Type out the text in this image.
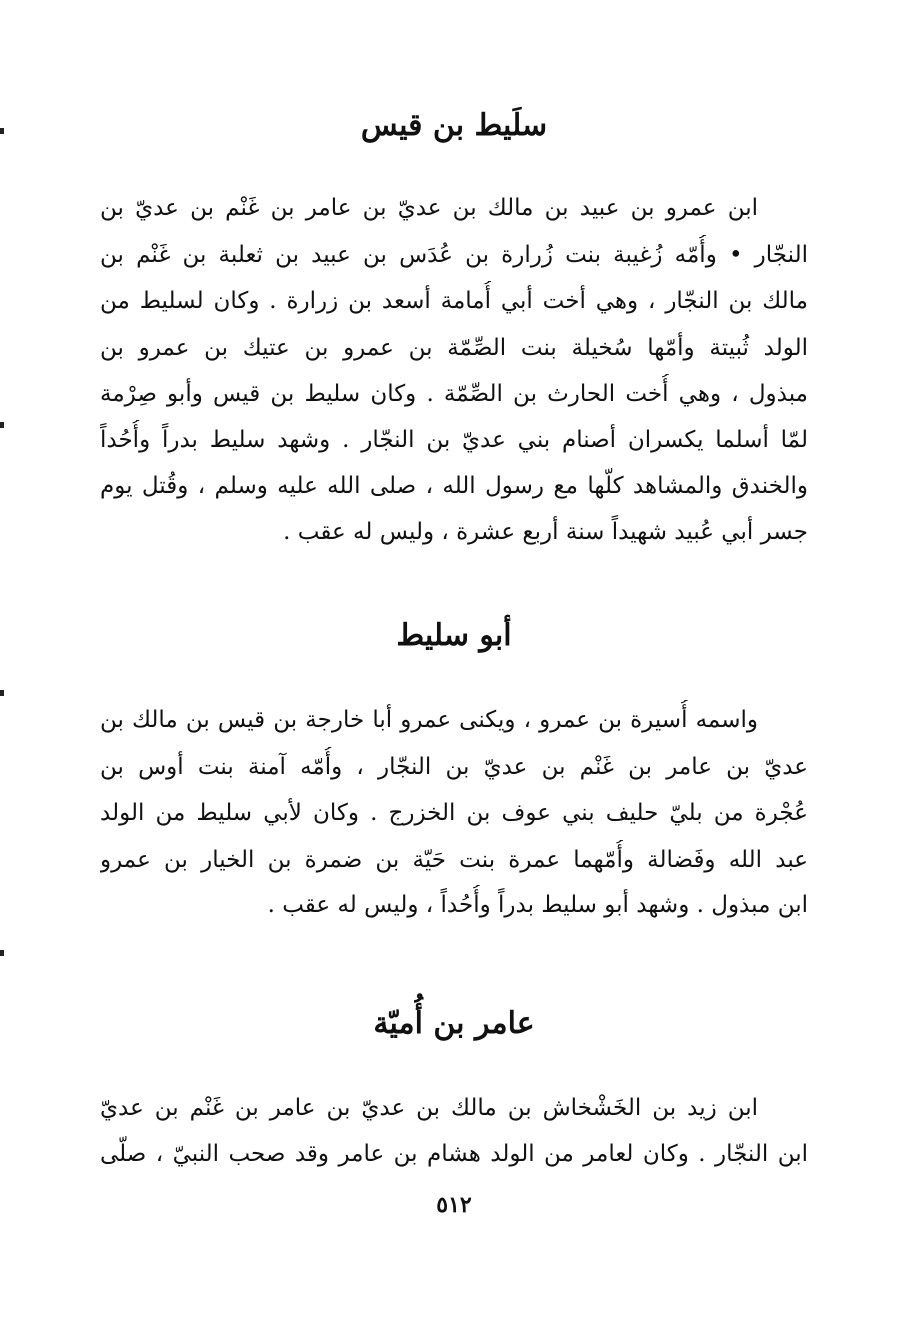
سلَيط بن قيس
ابن عمرو بن عبيد بن مالك بن عديّ بن عامر بن غَنْم بن عديّ بن
النجّار • وأُمّه زُغيبة بنت زُرارة بن عُدَس بن عبيد بن ثعلبة بن غَنْم بن
مالك بن النجّار ، وهي أخت أبي أُمامة أسعد بن زرارة . وكان لسليط من
الولد ثُبيتة وأمّها سُخيلة بنت الصِّمّة بن عمرو بن عتيك بن عمرو بن
مبذول ، وهي أُخت الحارث بن الصِّمّة . وكان سليط بن قيس وأبو صِرْمة
لمّا أسلما يكسران أصنام بني عديّ بن النجّار . وشهد سليط بدراً وأُحُداً
والخندق والمشاهد كلّها مع رسول الله ، صلى الله عليه وسلم ، وقُتل يوم
جسر أبي عُبيد شهيداً سنة أربع عشرة ، وليس له عقب .
أبو سليط
واسمه أُسيرة بن عمرو ، ويكنى عمرو أبا خارجة بن قيس بن مالك بن
عديّ بن عامر بن غَنْم بن عديّ بن النجّار ، وأُمّه آمنة بنت أوس بن
عُجْرة من بليّ حليف بني عوف بن الخزرج . وكان لأبي سليط من الولد
عبد الله وفَضالة وأُمّهما عمرة بنت حَيّة بن ضمرة بن الخيار بن عمرو
ابن مبذول . وشهد أبو سليط بدراً وأُحُداً ، وليس له عقب .
عامر بن أُميّة
ابن زيد بن الخَشْخاش بن مالك بن عديّ بن عامر بن غَنْم بن عديّ
ابن النجّار . وكان لعامر من الولد هشام بن عامر وقد صحب النبيّ ، صلّى
٥١٢
